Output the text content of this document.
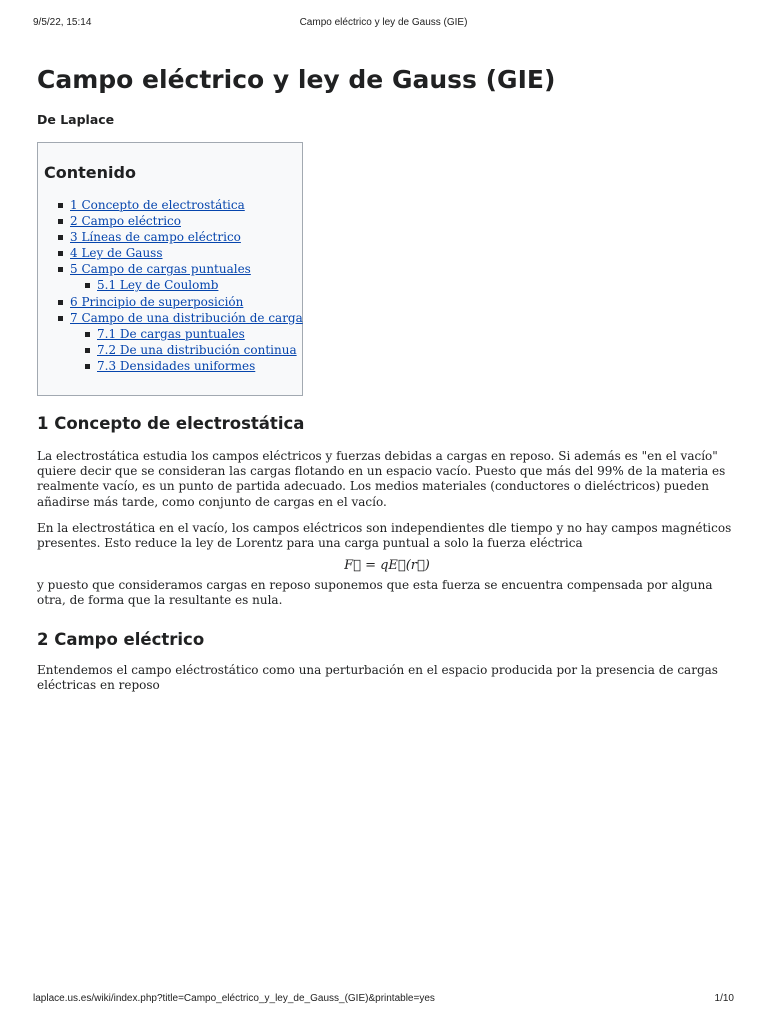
9/5/22, 15:14	Campo eléctrico y ley de Gauss (GIE)
Campo eléctrico y ley de Gauss (GIE)
De Laplace
Contenido
1 Concepto de electrostática
2 Campo eléctrico
3 Líneas de campo eléctrico
4 Ley de Gauss
5 Campo de cargas puntuales
5.1 Ley de Coulomb
6 Principio de superposición
7 Campo de una distribución de carga
7.1 De cargas puntuales
7.2 De una distribución continua
7.3 Densidades uniformes
1 Concepto de electrostática

La electrostática estudia los campos eléctricos y fuerzas debidas a cargas en reposo. Si además es "en el vacío" quiere decir que se consideran las cargas flotando en un espacio vacío. Puesto que más del 99% de la materia es realmente vacío, es un punto de partida adecuado. Los medios materiales (conductores o dieléctricos) pueden añadirse más tarde, como conjunto de cargas en el vacío.

En la electrostática en el vacío, los campos eléctricos son independientes dle tiempo y no hay campos magnéticos presentes. Esto reduce la ley de Lorentz para una carga puntual a solo la fuerza eléctrica

F⃗ = qE⃗(r⃗)

y puesto que consideramos cargas en reposo suponemos que esta fuerza se encuentra compensada por alguna otra, de forma que la resultante es nula.

2 Campo eléctrico

Entendemos el campo eléctrostático como una perturbación en el espacio producida por la presencia de cargas eléctricas en reposo

laplace.us.es/wiki/index.php?title=Campo_eléctrico_y_ley_de_Gauss_(GIE)&printable=yes	1/10
